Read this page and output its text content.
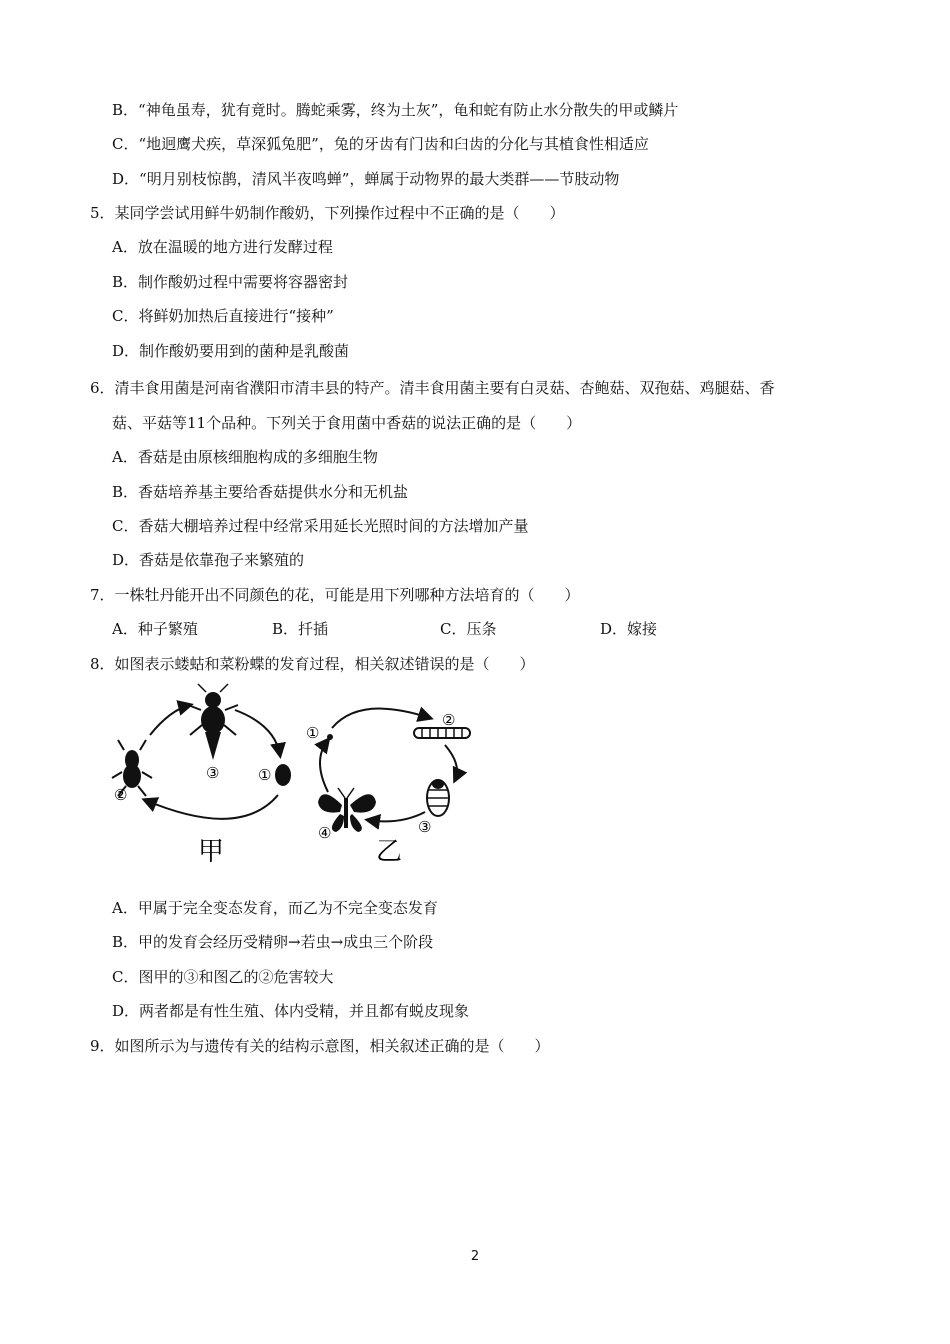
B．“神龟虽寿，犹有竟时。腾蛇乘雾，终为土灰”，龟和蛇有防止水分散失的甲或鳞片
C．“地迥鹰犬疾，草深狐兔肥”，兔的牙齿有门齿和臼齿的分化与其植食性相适应
D．“明月别枝惊鹊，清风半夜鸣蝉”，蝉属于动物界的最大类群——节肢动物
5．某同学尝试用鲜牛奶制作酸奶，下列操作过程中不正确的是（　　）
A．放在温暖的地方进行发酵过程
B．制作酸奶过程中需要将容器密封
C．将鲜奶加热后直接进行“接种”
D．制作酸奶要用到的菌种是乳酸菌
6．清丰食用菌是河南省濮阳市清丰县的特产。清丰食用菌主要有白灵菇、杏鲍菇、双孢菇、鸡腿菇、香
菇、平菇等11个品种。下列关于食用菌中香菇的说法正确的是（　　）
A．香菇是由原核细胞构成的多细胞生物
B．香菇培养基主要给香菇提供水分和无机盐
C．香菇大棚培养过程中经常采用延长光照时间的方法增加产量
D．香菇是依靠孢子来繁殖的
7．一株牡丹能开出不同颜色的花，可能是用下列哪种方法培育的（　　）
A．种子繁殖	B．扦插	C．压条	D．嫁接
8．如图表示蝼蛄和菜粉蝶的发育过程，相关叙述错误的是（　　）
②
③	①
甲
①
②
③
④
乙
A．甲属于完全变态发育，而乙为不完全变态发育
B．甲的发育会经历受精卵→若虫→成虫三个阶段
C．图甲的③和图乙的②危害较大
D．两者都是有性生殖、体内受精，并且都有蜕皮现象
9．如图所示为与遗传有关的结构示意图，相关叙述正确的是（　　）
2
